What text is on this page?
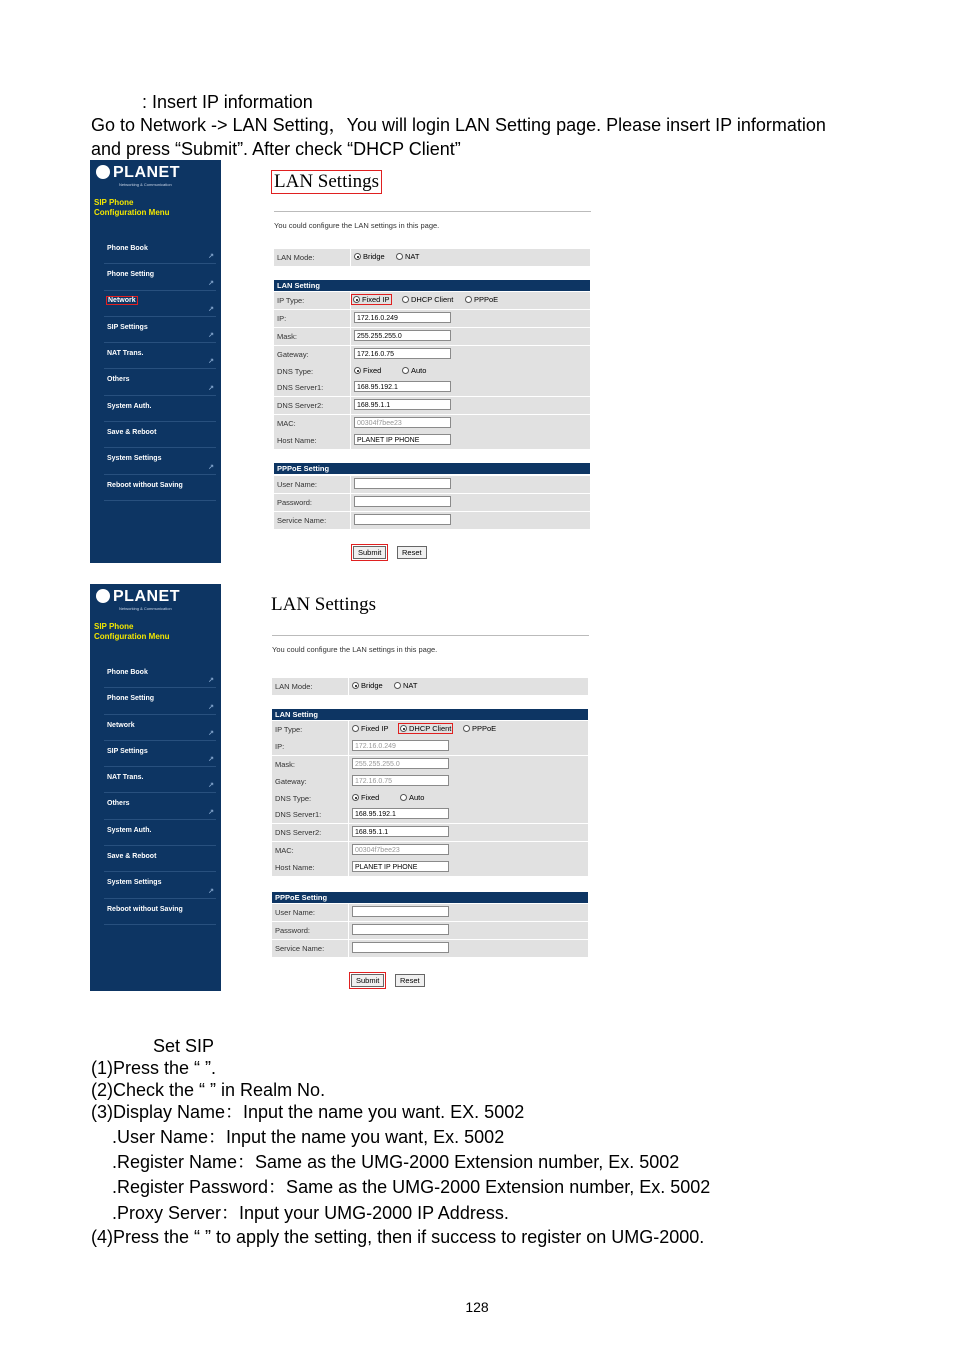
: Insert IP information
Go to Network -> LAN Setting，You will login LAN Setting page. Please insert IP information
and press “Submit”. After check “DHCP Client”
PLANET
Networking & Communication
SIP Phone
Configuration Menu
Phone Book
↗
Phone Setting
↗
Network
↗
SIP Settings
↗
NAT Trans.
↗
Others
↗
System Auth.
Save & Reboot
System Settings
↗
Reboot without Saving
LAN Settings
You could configure the LAN settings in this page.
LAN Mode:	Bridge	NAT
LAN Setting
IP Type:	Fixed IP	DHCP Client	PPPoE
IP:	172.16.0.249
Mask:	255.255.255.0
Gateway:	172.16.0.75
DNS Type:	Fixed	Auto
DNS Server1:	168.95.192.1
DNS Server2:	168.95.1.1
MAC:	00304f7bee23
Host Name:	PLANET IP PHONE
PPPoE Setting
User Name:
Password:
Service Name:
Submit	Reset
PLANET
Networking & Communication
SIP Phone
Configuration Menu
Phone Book
↗
Phone Setting
↗
Network
↗
SIP Settings
↗
NAT Trans.
↗
Others
↗
System Auth.
Save & Reboot
System Settings
↗
Reboot without Saving
LAN Settings
You could configure the LAN settings in this page.
LAN Mode:	Bridge	NAT
LAN Setting
IP Type:	Fixed IP	DHCP Client	PPPoE
IP:	172.16.0.249
Mask:	255.255.255.0
Gateway:	172.16.0.75
DNS Type:	Fixed	Auto
DNS Server1:	168.95.192.1
DNS Server2:	168.95.1.1
MAC:	00304f7bee23
Host Name:	PLANET IP PHONE
PPPoE Setting
User Name:
Password:
Service Name:
Submit	Reset
Set SIP
(1)Press the “ ”.
(2)Check the “ ” in Realm No.
(3)Display Name：Input the name you want. EX. 5002
.User Name：Input the name you want, Ex. 5002
.Register Name：Same as the UMG-2000 Extension number, Ex. 5002
.Register Password：Same as the UMG-2000 Extension number, Ex. 5002
.Proxy Server：Input your UMG-2000 IP Address.
(4)Press the “ ” to apply the setting, then if success to register on UMG-2000.
128
